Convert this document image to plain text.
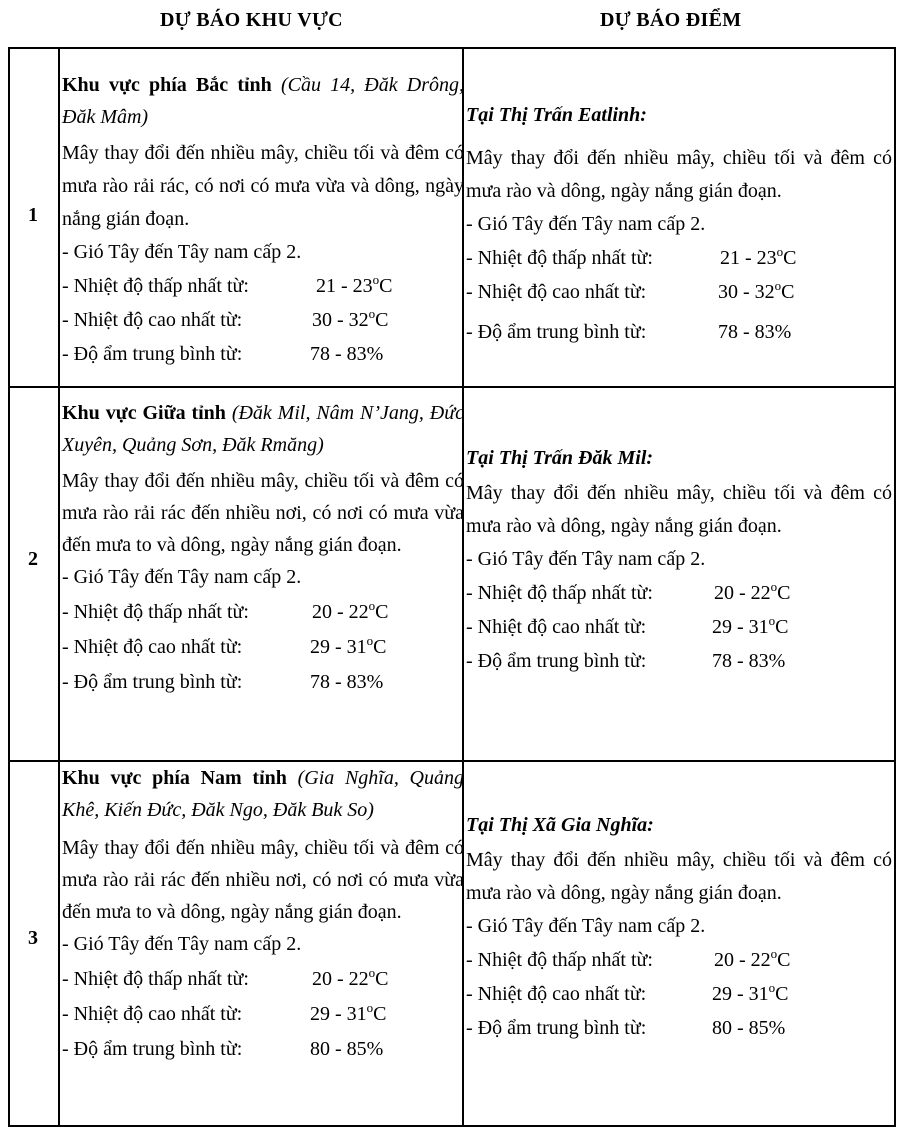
DỰ BÁO KHU VỰC	DỰ BÁO ĐIỂM
1
Khu vực phía Bắc tỉnh (Cầu 14, Đăk Drông, Đăk Mâm)
Mây thay đổi đến nhiều mây, chiều tối và đêm có mưa rào rải rác, có nơi có mưa vừa và dông, ngày nắng gián đoạn.
- Gió Tây đến Tây nam cấp 2.
- Nhiệt độ thấp nhất từ:	21 - 23$^o$C
- Nhiệt độ cao nhất từ:	30 - 32$^o$C
- Độ ẩm trung bình từ:	78 - 83%
Tại Thị Trấn Eatlinh:
Mây thay đổi đến nhiều mây, chiều tối và đêm có mưa rào và dông, ngày nắng gián đoạn.
- Gió Tây đến Tây nam cấp 2.
- Nhiệt độ thấp nhất từ:	21 - 23$^o$C
- Nhiệt độ cao nhất từ:	30 - 32$^o$C
- Độ ẩm trung bình từ:	78 - 83%
2
Khu vực Giữa tỉnh (Đăk Mil, Nâm N’Jang, Đức Xuyên, Quảng Sơn, Đăk Rmăng)
Mây thay đổi đến nhiều mây, chiều tối và đêm có mưa rào rải rác đến nhiều nơi, có nơi có mưa vừa đến mưa to và dông, ngày nắng gián đoạn.
- Gió Tây đến Tây nam cấp 2.
- Nhiệt độ thấp nhất từ:	20 - 22$^o$C
- Nhiệt độ cao nhất từ:	29 - 31$^o$C
- Độ ẩm trung bình từ:	78 - 83%
Tại Thị Trấn Đăk Mil:
Mây thay đổi đến nhiều mây, chiều tối và đêm có mưa rào và dông, ngày nắng gián đoạn.
- Gió Tây đến Tây nam cấp 2.
- Nhiệt độ thấp nhất từ:	20 - 22$^o$C
- Nhiệt độ cao nhất từ:	29 - 31$^o$C
- Độ ẩm trung bình từ:	78 - 83%
3
Khu vực phía Nam tỉnh (Gia Nghĩa, Quảng Khê, Kiến Đức, Đăk Ngo, Đăk Buk So)
Mây thay đổi đến nhiều mây, chiều tối và đêm có mưa rào rải rác đến nhiều nơi, có nơi có mưa vừa đến mưa to và dông, ngày nắng gián đoạn.
- Gió Tây đến Tây nam cấp 2.
- Nhiệt độ thấp nhất từ:	20 - 22$^o$C
- Nhiệt độ cao nhất từ:	29 - 31$^o$C
- Độ ẩm trung bình từ:	80 - 85%
Tại Thị Xã Gia Nghĩa:
Mây thay đổi đến nhiều mây, chiều tối và đêm có mưa rào và dông, ngày nắng gián đoạn.
- Gió Tây đến Tây nam cấp 2.
- Nhiệt độ thấp nhất từ:	20 - 22$^o$C
- Nhiệt độ cao nhất từ:	29 - 31$^o$C
- Độ ẩm trung bình từ:	80 - 85%
